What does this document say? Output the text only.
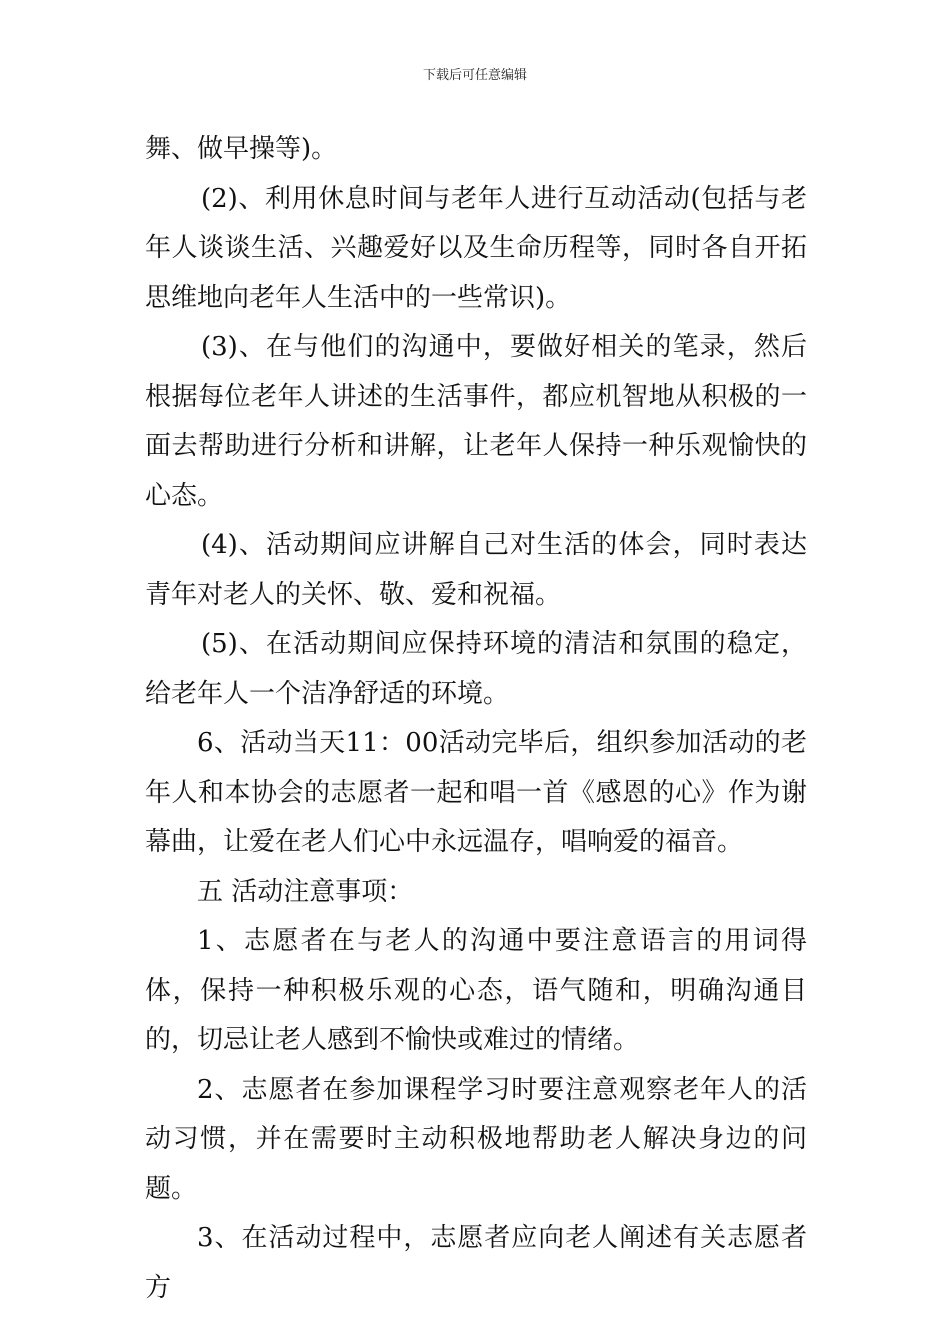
下载后可任意编辑

舞、做早操等)。

(2)、利用休息时间与老年人进行互动活动(包括与老年人谈谈生活、兴趣爱好以及生命历程等，同时各自开拓思维地向老年人生活中的一些常识)。

(3)、在与他们的沟通中，要做好相关的笔录，然后根据每位老年人讲述的生活事件，都应机智地从积极的一面去帮助进行分析和讲解，让老年人保持一种乐观愉快的心态。

(4)、活动期间应讲解自己对生活的体会，同时表达青年对老人的关怀、敬、爱和祝福。

(5)、在活动期间应保持环境的清洁和氛围的稳定，给老年人一个洁净舒适的环境。

6、活动当天11：00活动完毕后，组织参加活动的老年人和本协会的志愿者一起和唱一首《感恩的心》作为谢幕曲，让爱在老人们心中永远温存，唱响爱的福音。

五 活动注意事项：

1、志愿者在与老人的沟通中要注意语言的用词得体，保持一种积极乐观的心态，语气随和，明确沟通目的，切忌让老人感到不愉快或难过的情绪。

2、志愿者在参加课程学习时要注意观察老年人的活动习惯，并在需要时主动积极地帮助老人解决身边的问题。

3、在活动过程中，志愿者应向老人阐述有关志愿者方
